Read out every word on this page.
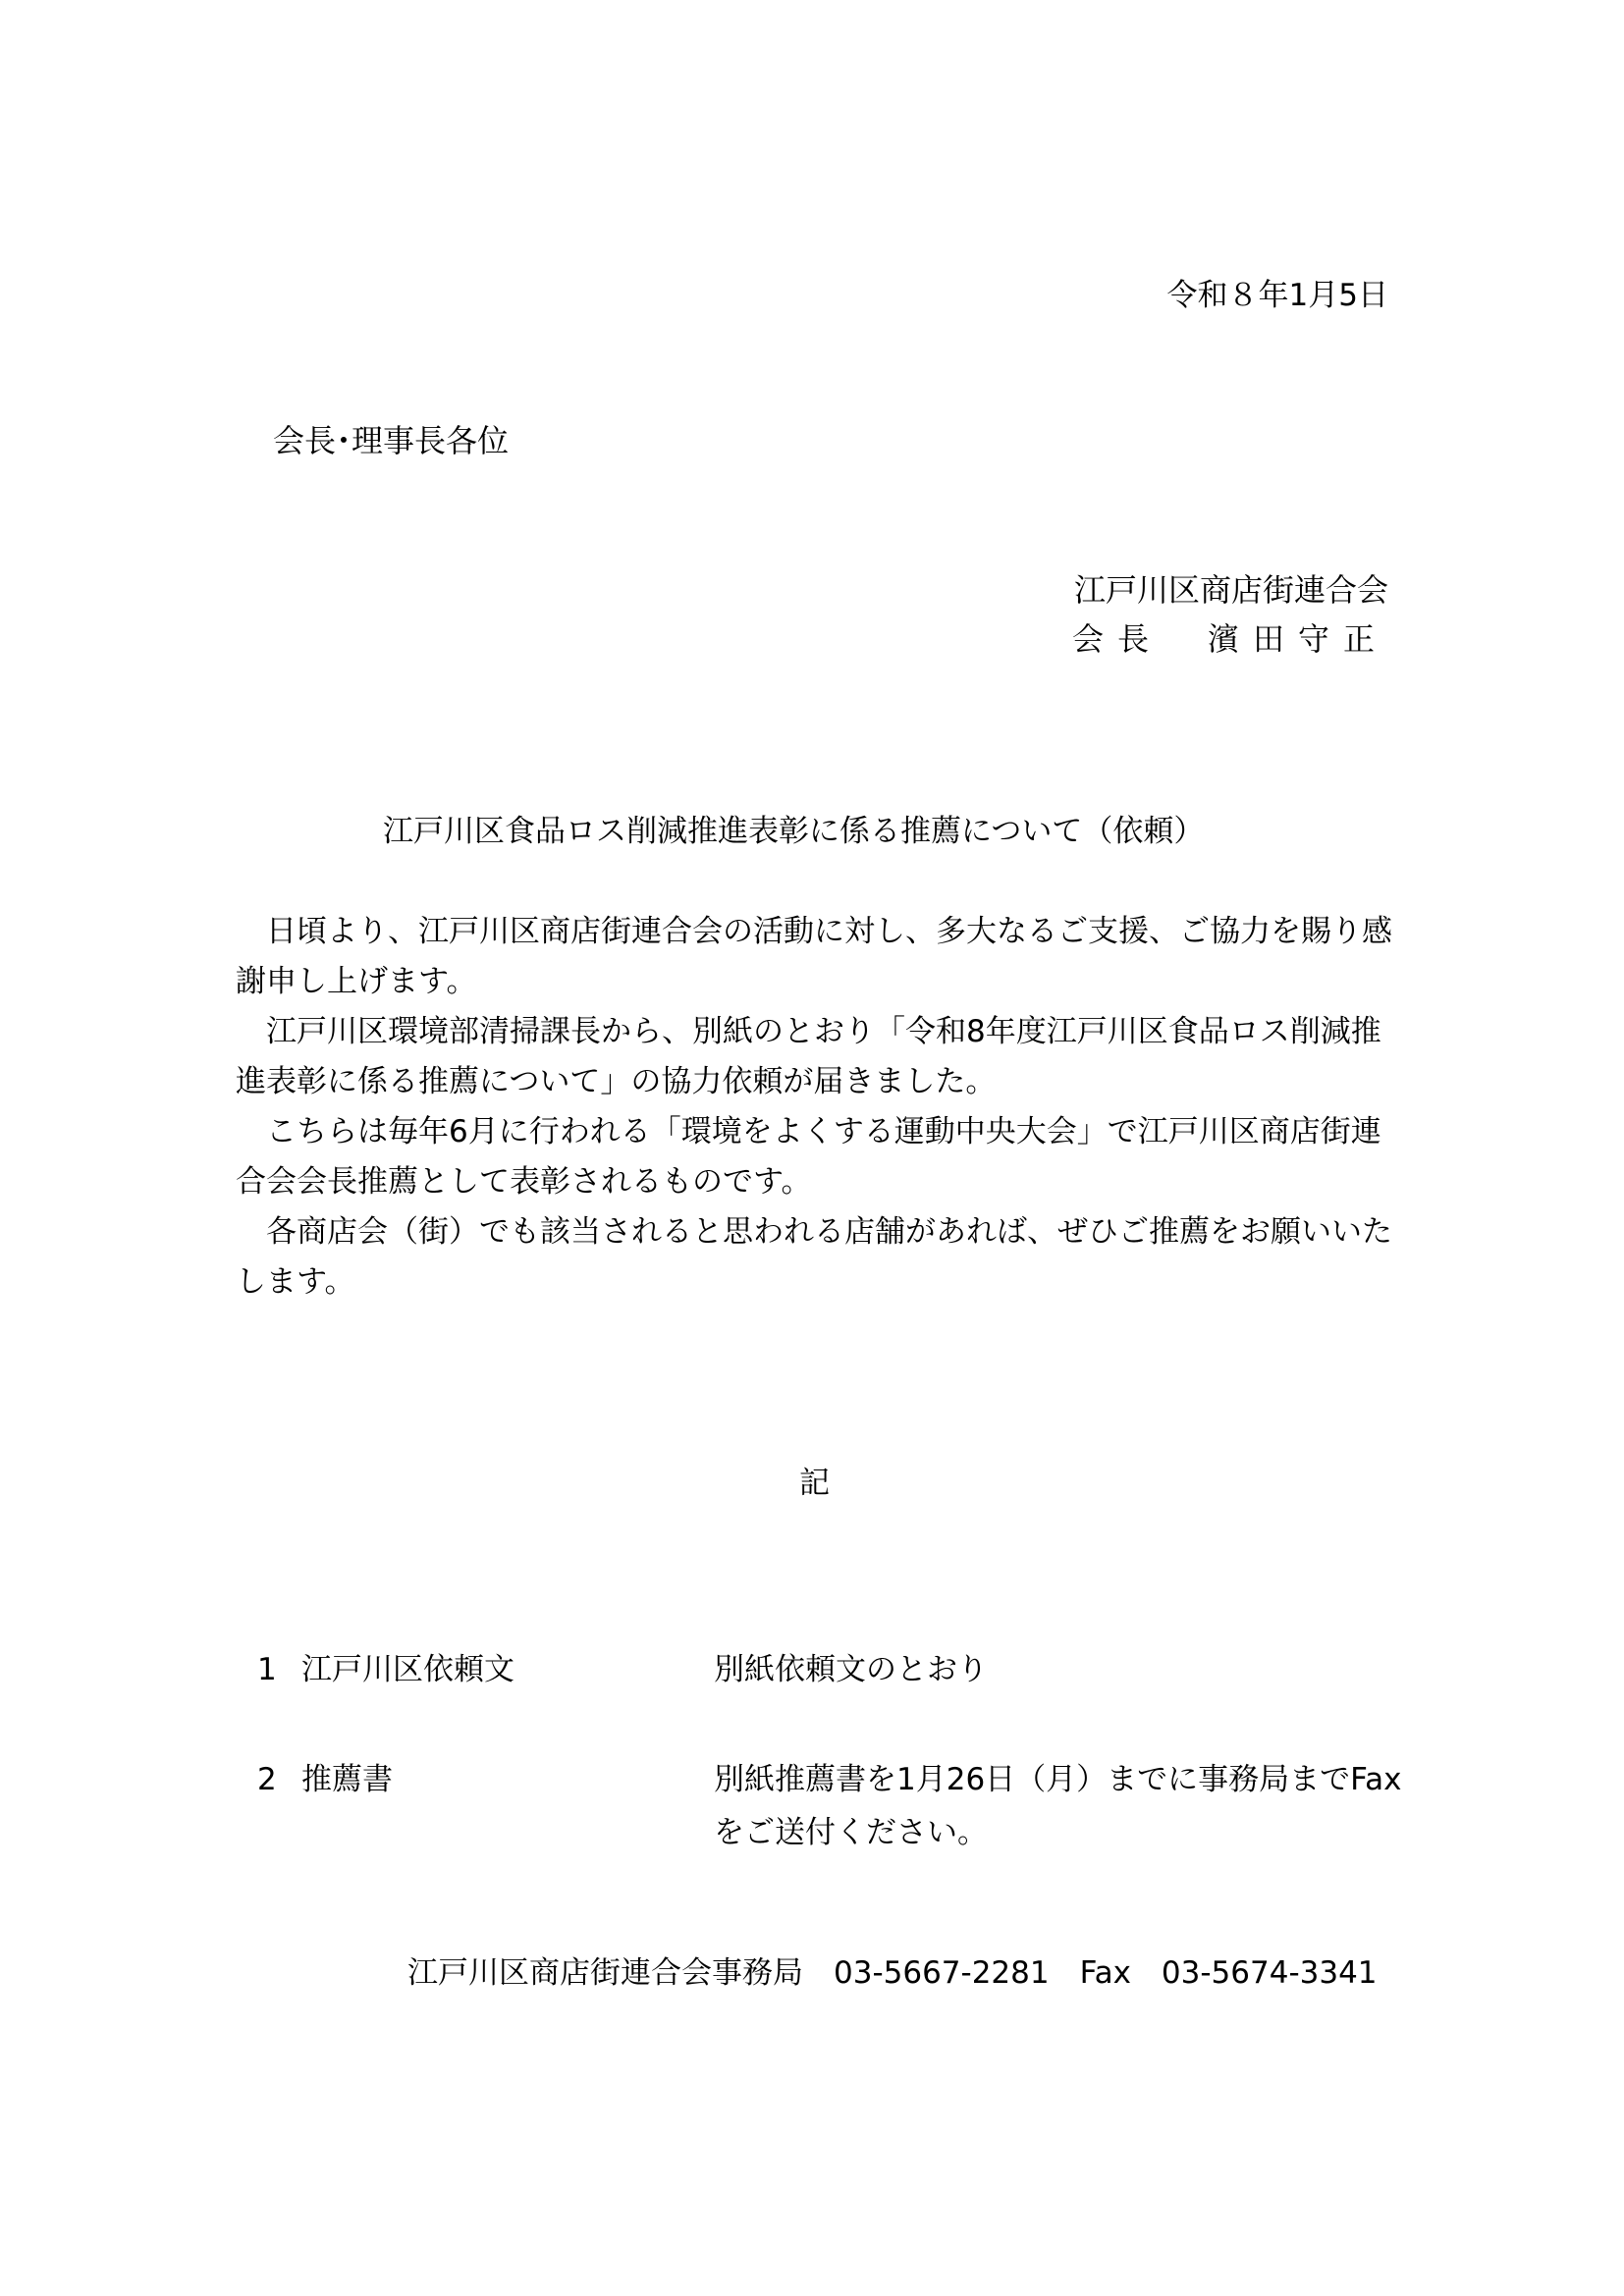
令和８年1月5日

会長･理事長各位

江戸川区商店街連合会

会長　濱田守正

江戸川区食品ロス削減推進表彰に係る推薦について（依頼）

日頃より、江戸川区商店街連合会の活動に対し、多大なるご支援、ご協力を賜り感謝申し上げます。

江戸川区環境部清掃課長から、別紙のとおり「令和8年度江戸川区食品ロス削減推進表彰に係る推薦について」の協力依頼が届きました。

こちらは毎年6月に行われる「環境をよくする運動中央大会」で江戸川区商店街連合会会長推薦として表彰されるものです。

各商店会（街）でも該当されると思われる店舗があれば、ぜひご推薦をお願いいたします。

記

1 江戸川区依頼文	別紙依頼文のとおり
2 推薦書	別紙推薦書を1月26日（月）までに事務局までFaxをご送付ください。

江戸川区商店街連合会事務局　03-5667-2281　Fax　03-5674-3341
